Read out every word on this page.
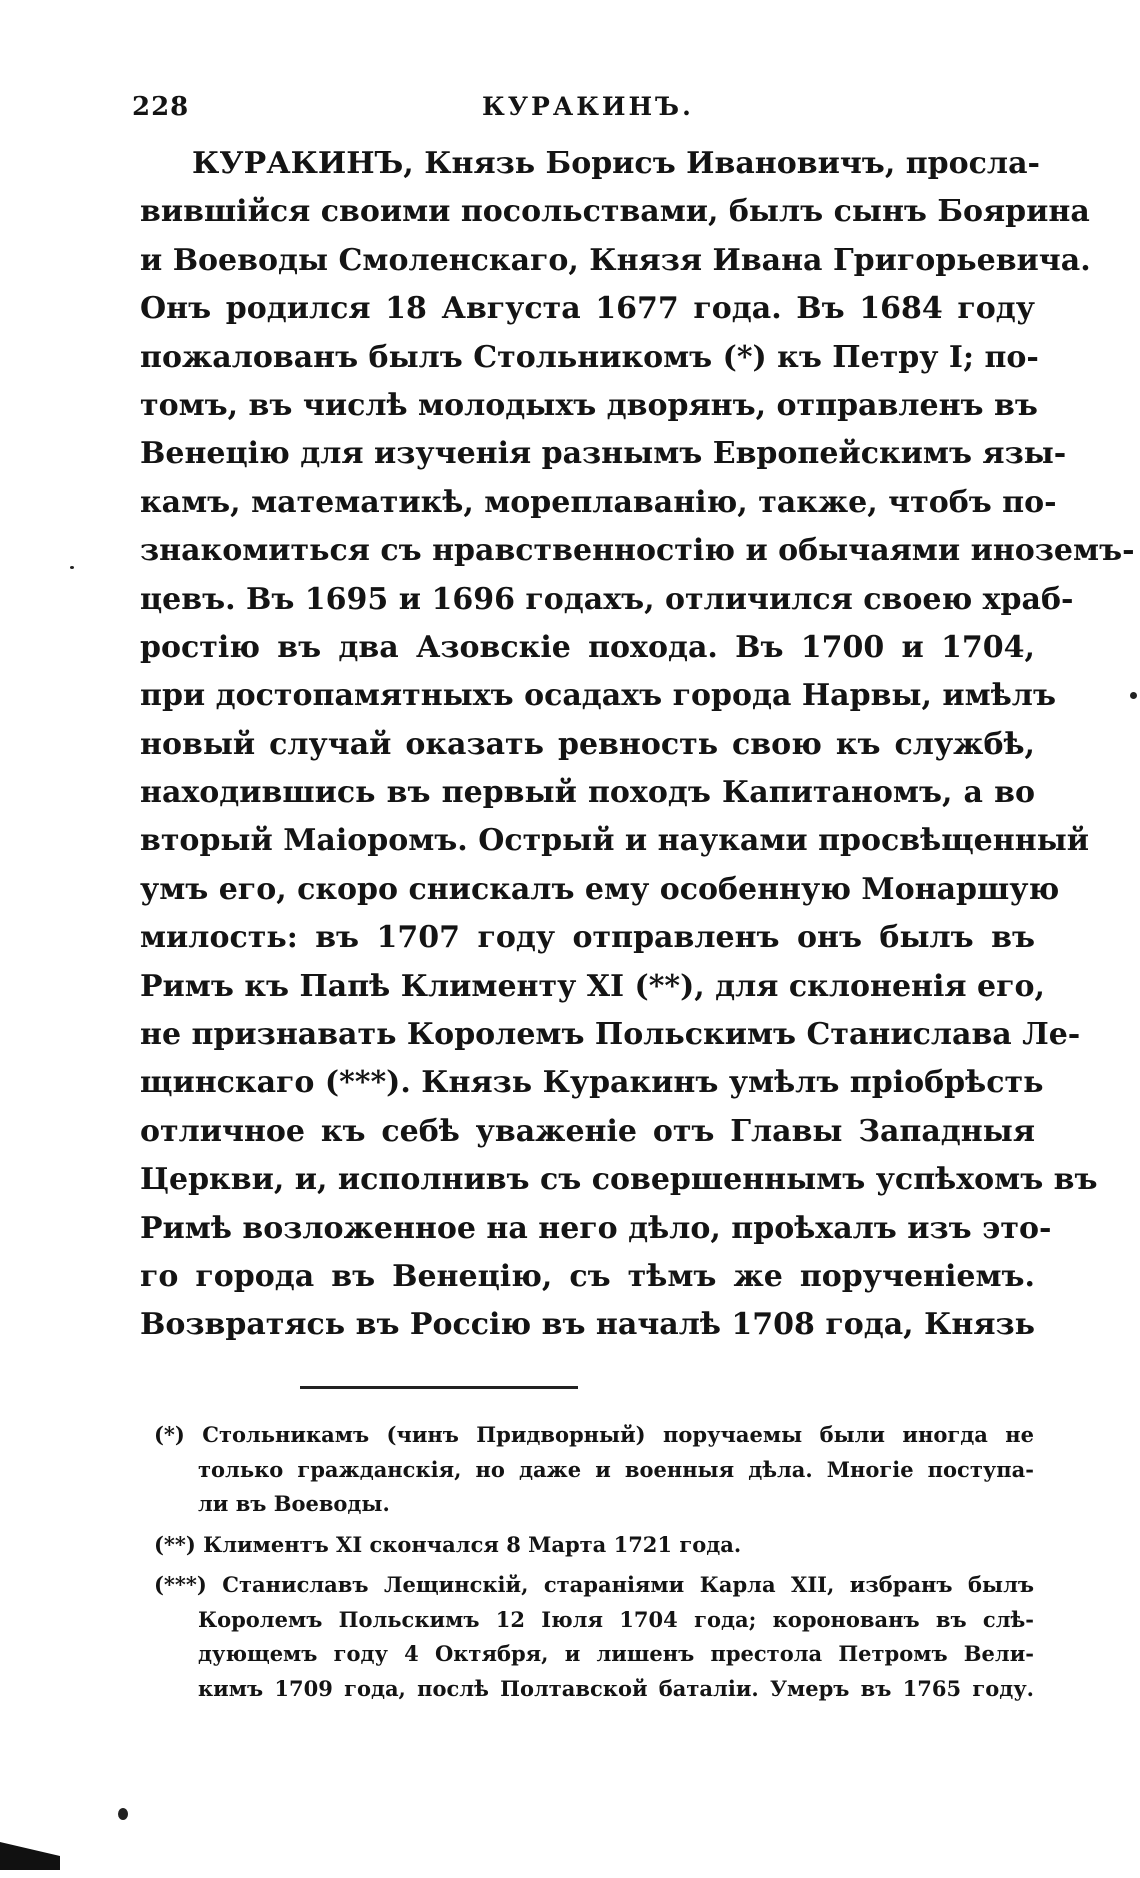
228	КУРАКИНЪ.
КУРАКИНЪ, Князь Борисъ Ивановичъ, просла-
вившійся своими посольствами, былъ сынъ Боярина
и Воеводы Смоленскаго, Князя Ивана Григорьевича.
Онъ родился 18 Августа 1677 года. Въ 1684 году
пожалованъ былъ Стольникомъ (*) къ Петру I; по-
томъ, въ числѣ молодыхъ дворянъ, отправленъ въ
Венецію для изученія разнымъ Европейскимъ язы-
камъ, математикѣ, мореплаванію, также, чтобъ по-
знакомиться съ нравственностію и обычаями иноземъ-
цевъ. Въ 1695 и 1696 годахъ, отличился своею храб-
ростію въ два Азовскіе похода. Въ 1700 и 1704,
при достопамятныхъ осадахъ города Нарвы, имѣлъ
новый случай оказать ревность свою къ службѣ,
находившись въ первый походъ Капитаномъ, а во
вторый Маіоромъ. Острый и науками просвѣщенный
умъ его, скоро снискалъ ему особенную Монаршую
милость: въ 1707 году отправленъ онъ былъ въ
Римъ къ Папѣ Клименту XI (**), для склоненія его,
не признавать Королемъ Польскимъ Станислава Ле-
щинскаго (***). Князь Куракинъ умѣлъ пріобрѣсть
отличное къ себѣ уваженіе отъ Главы Западныя
Церкви, и, исполнивъ съ совершеннымъ успѣхомъ въ
Римѣ возложенное на него дѣло, проѣхалъ изъ это-
го города въ Венецію, съ тѣмъ же порученіемъ.
Возвратясь въ Россію въ началѣ 1708 года, Князь
(*) Стольникамъ (чинъ Придворный) поручаемы были иногда не
только гражданскія, но даже и военныя дѣла. Многіе поступа-
ли въ Воеводы.
(**) Климентъ XI скончался 8 Марта 1721 года.
(***) Станиславъ Лещинскій, стараніями Карла XII, избранъ былъ
Королемъ Польскимъ 12 Іюля 1704 года; коронованъ въ слѣ-
дующемъ году 4 Октября, и лишенъ престола Петромъ Вели-
кимъ 1709 года, послѣ Полтавской баталіи. Умеръ въ 1765 году.
